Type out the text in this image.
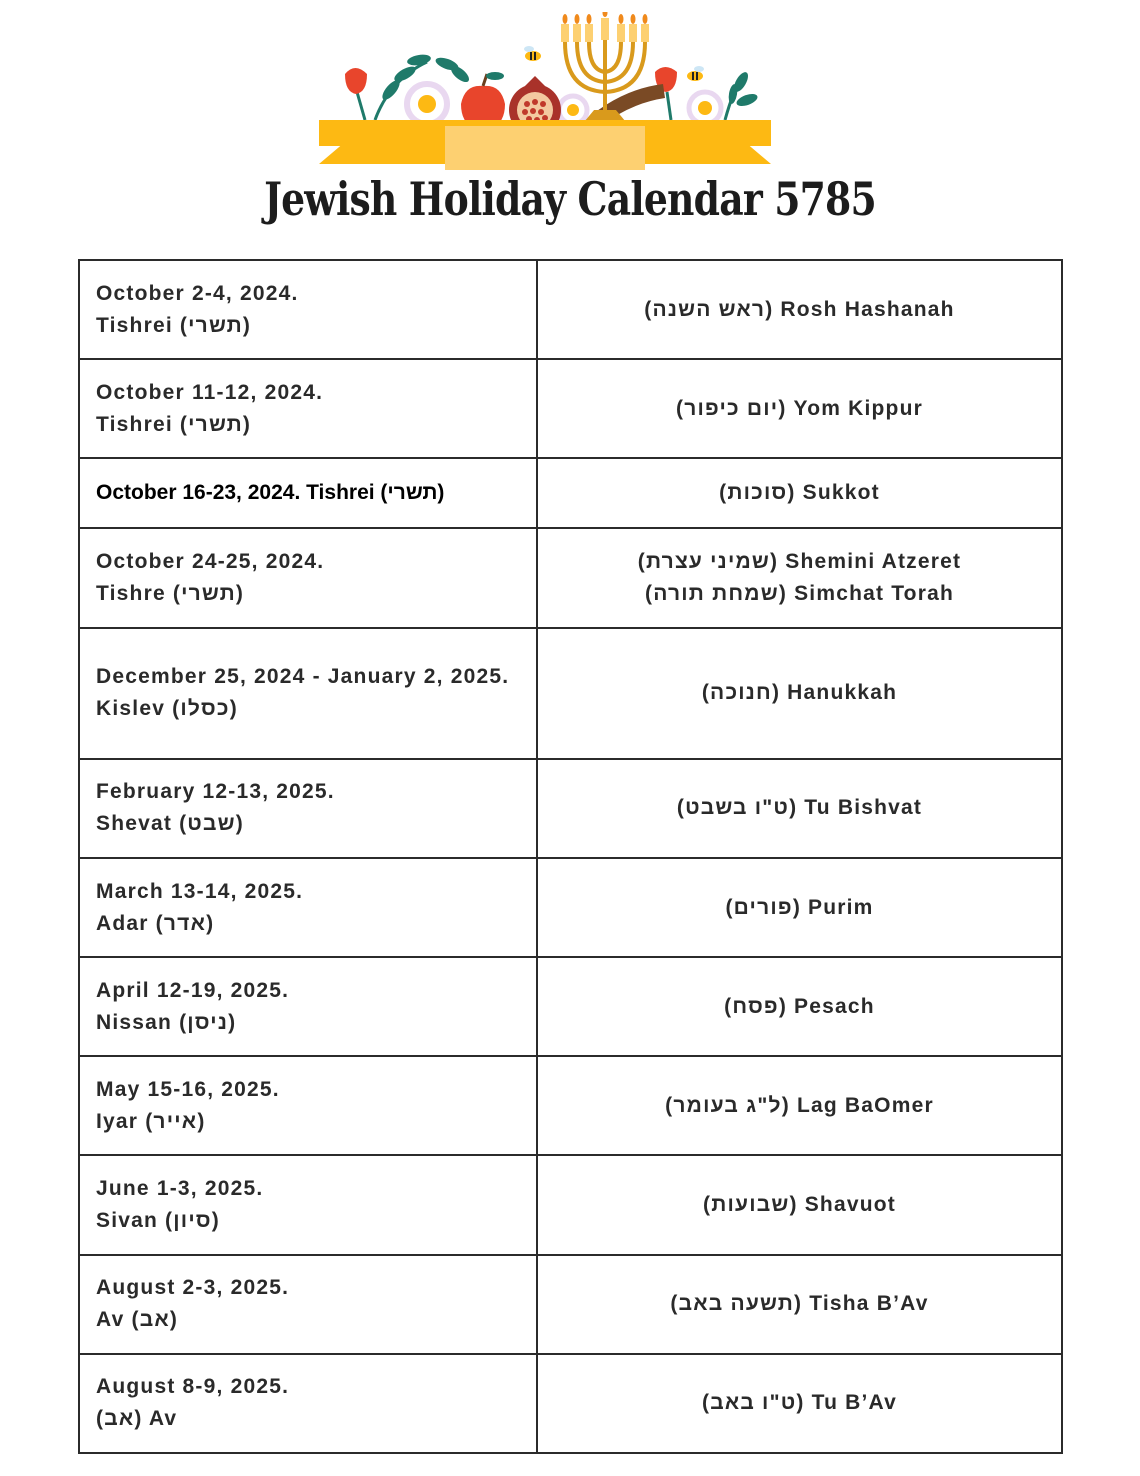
Jewish Holiday Calendar 5785
October 2-4, 2024.
Tishrei (תשרי)	(ראש השנה) Rosh Hashanah

October 11-12, 2024.
Tishrei (תשרי)	(יום כיפור) Yom Kippur

October 16-23, 2024. Tishrei (תשרי)	(סוכות) Sukkot

October 24-25, 2024.
Tishre (תשרי)	(שמיני עצרת) Shemini Atzeret
(שמחת תורה) Simchat Torah

December 25, 2024 - January 2, 2025.
Kislev (כסלו)	(חנוכה) Hanukkah

February 12-13, 2025.
Shevat (שבט)	(ט"ו בשבט) Tu Bishvat

March 13-14, 2025.
Adar (אדר)	(פורים) Purim

April 12-19, 2025.
Nissan (ניסן)	(פסח) Pesach

May 15-16, 2025.
Iyar (אייר)	(ל"ג בעומר) Lag BaOmer

June 1-3, 2025.
Sivan (סיון)	(שבועות) Shavuot

August 2-3, 2025.
Av (אב)	(תשעה באב) Tisha B’Av

August 8-9, 2025.
(אב) Av	(ט"ו באב) Tu B’Av
